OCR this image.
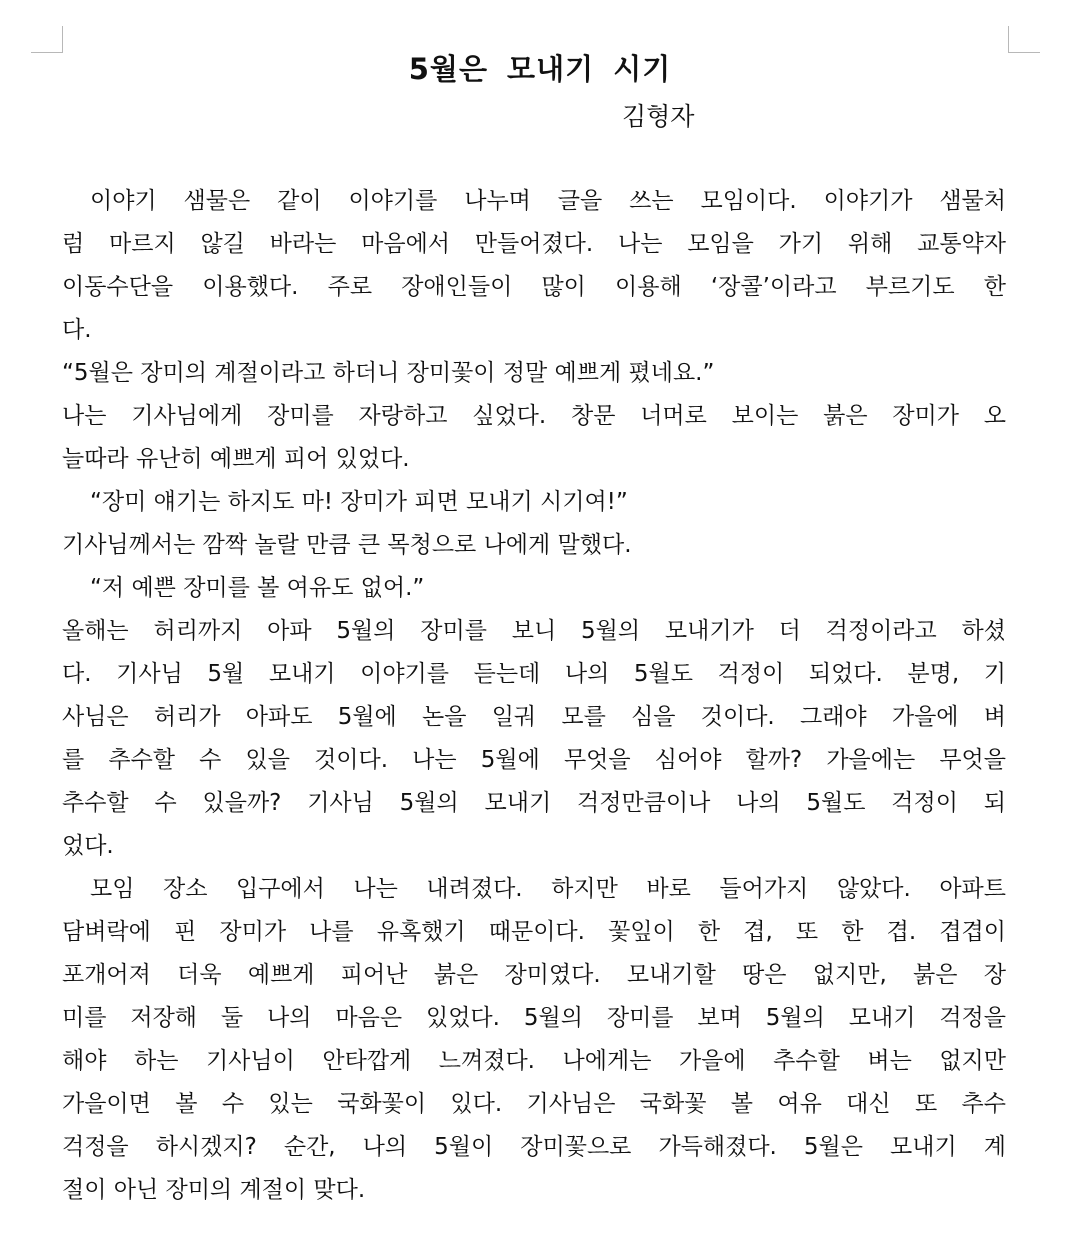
5월은 모내기 시기

김형자

이야기 샘물은 같이 이야기를 나누며 글을 쓰는 모임이다. 이야기가 샘물처
럼 마르지 않길 바라는 마음에서 만들어졌다. 나는 모임을 가기 위해 교통약자
이동수단을 이용했다. 주로 장애인들이 많이 이용해 ‘장콜’이라고 부르기도 한
다.
“5월은 장미의 계절이라고 하더니 장미꽃이 정말 예쁘게 폈네요.”
나는 기사님에게 장미를 자랑하고 싶었다. 창문 너머로 보이는 붉은 장미가 오
늘따라 유난히 예쁘게 피어 있었다.
“장미 얘기는 하지도 마! 장미가 피면 모내기 시기여!”
기사님께서는 깜짝 놀랄 만큼 큰 목청으로 나에게 말했다.
“저 예쁜 장미를 볼 여유도 없어.”
올해는 허리까지 아파 5월의 장미를 보니 5월의 모내기가 더 걱정이라고 하셨
다. 기사님 5월 모내기 이야기를 듣는데 나의 5월도 걱정이 되었다. 분명, 기
사님은 허리가 아파도 5월에 논을 일궈 모를 심을 것이다. 그래야 가을에 벼
를 추수할 수 있을 것이다. 나는 5월에 무엇을 심어야 할까? 가을에는 무엇을
추수할 수 있을까? 기사님 5월의 모내기 걱정만큼이나 나의 5월도 걱정이 되
었다.
모임 장소 입구에서 나는 내려졌다. 하지만 바로 들어가지 않았다. 아파트
담벼락에 핀 장미가 나를 유혹했기 때문이다. 꽃잎이 한 겹, 또 한 겹. 겹겹이
포개어져 더욱 예쁘게 피어난 붉은 장미였다. 모내기할 땅은 없지만, 붉은 장
미를 저장해 둘 나의 마음은 있었다. 5월의 장미를 보며 5월의 모내기 걱정을
해야 하는 기사님이 안타깝게 느껴졌다. 나에게는 가을에 추수할 벼는 없지만
가을이면 볼 수 있는 국화꽃이 있다. 기사님은 국화꽃 볼 여유 대신 또 추수
걱정을 하시겠지? 순간, 나의 5월이 장미꽃으로 가득해졌다. 5월은 모내기 계
절이 아닌 장미의 계절이 맞다.
